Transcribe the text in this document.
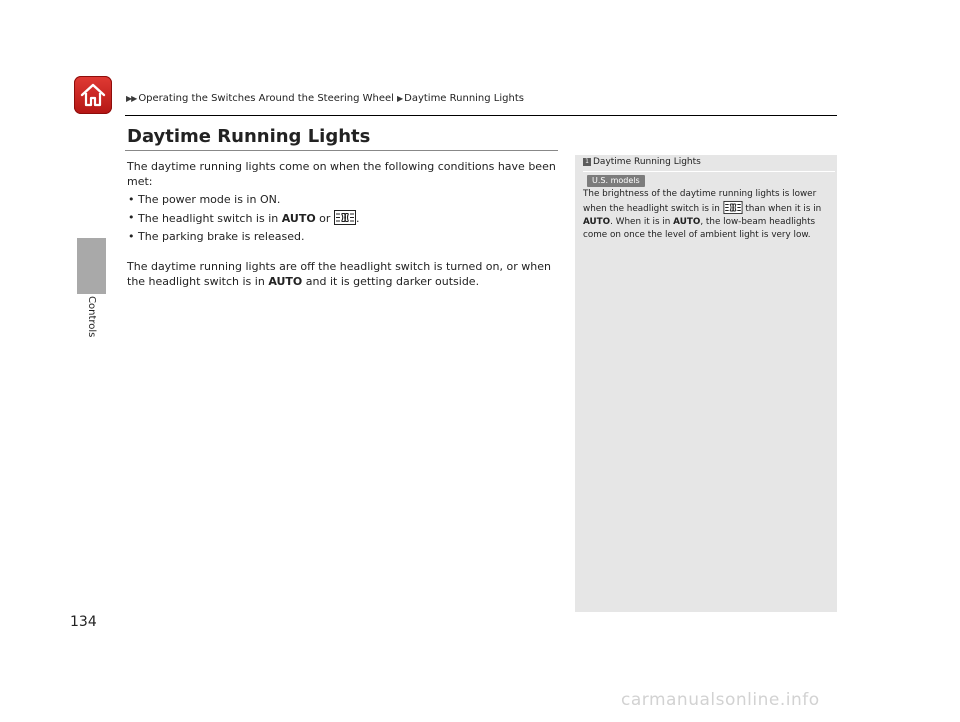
▶▶ Operating the Switches Around the Steering Wheel ▶ Daytime Running Lights
Controls
Daytime Running Lights

The daytime running lights come on when the following conditions have been met:

• The power mode is in ON.
• The headlight switch is in AUTO or .
• The parking brake is released.

The daytime running lights are off the headlight switch is turned on, or when the headlight switch is in AUTO and it is getting darker outside.

1 Daytime Running Lights
U.S. models

The brightness of the daytime running lights is lower when the headlight switch is in  than when it is in AUTO. When it is in AUTO, the low-beam headlights come on once the level of ambient light is very low.

134
carmanualsonline.info
